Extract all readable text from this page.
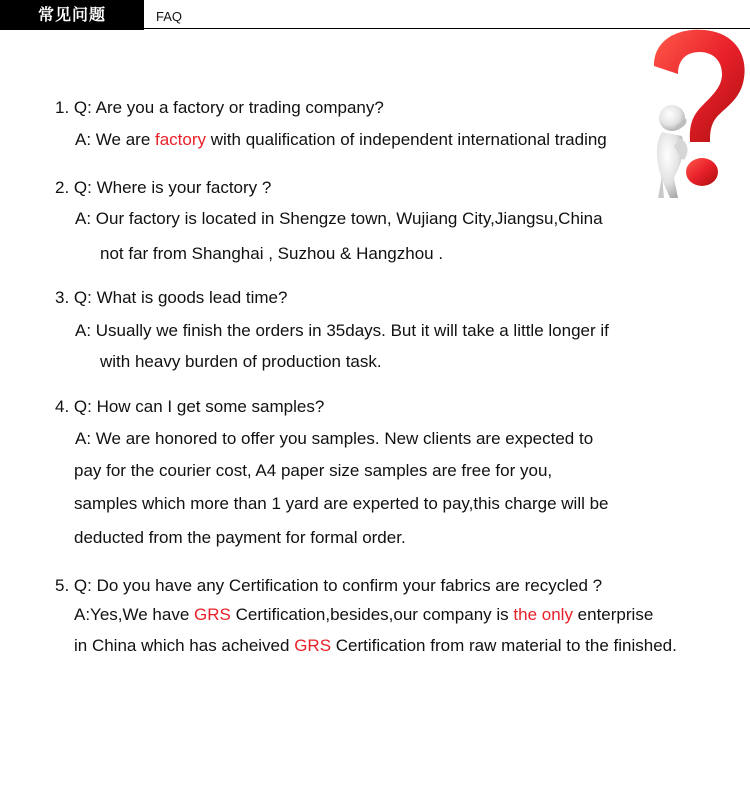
常见问题	FAQ
1. Q: Are you a factory or trading company?
A: We are factory with qualification of independent international trading
2. Q: Where is your factory ?
A: Our factory is located in Shengze town, Wujiang City,Jiangsu,China
not far from Shanghai , Suzhou & Hangzhou .
3. Q: What is goods lead time?
A: Usually we finish the orders in 35days. But it will take a little longer if
with heavy burden of production task.
4. Q: How can I get some samples?
A: We are honored to offer you samples. New clients are expected to
pay for the courier cost, A4 paper size samples are free for you,
samples which more than 1 yard are experted to pay,this charge will be
deducted from the payment for formal order.
5. Q: Do you have any Certification to confirm your fabrics are recycled ?
A:Yes,We have GRS Certification,besides,our company is the only enterprise
in China which has acheived GRS Certification from raw material to the finished.
